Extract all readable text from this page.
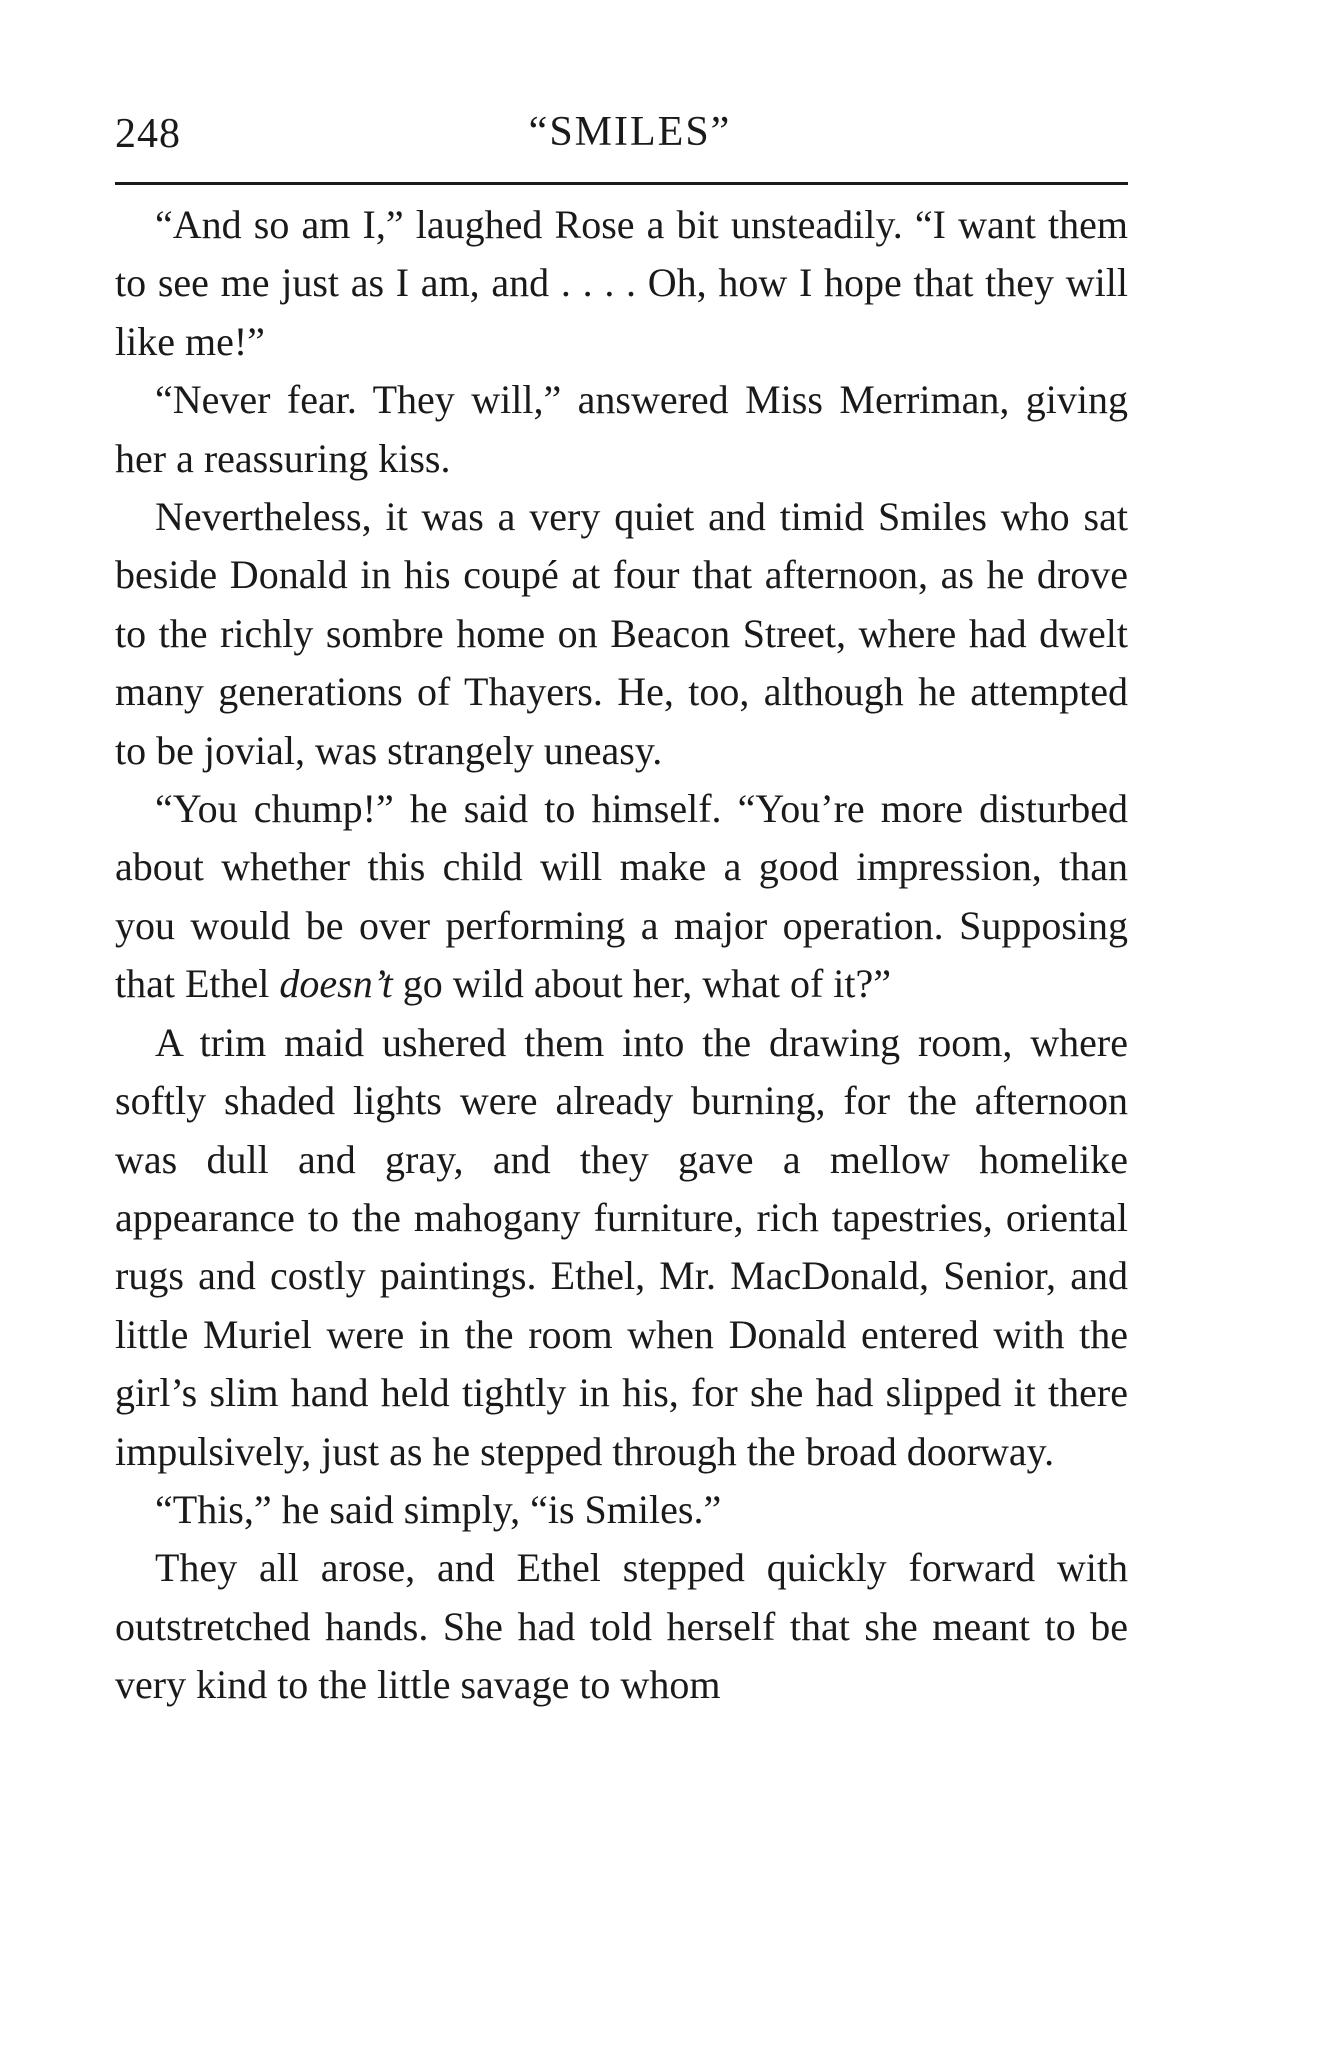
248	“SMILES”

“And so am I,” laughed Rose a bit unsteadily. “I want them to see me just as I am, and . . . . Oh, how I hope that they will like me!”

“Never fear. They will,” answered Miss Merriman, giving her a reassuring kiss.

Nevertheless, it was a very quiet and timid Smiles who sat beside Donald in his coupé at four that afternoon, as he drove to the richly sombre home on Beacon Street, where had dwelt many generations of Thayers. He, too, although he attempted to be jovial, was strangely uneasy.

“You chump!” he said to himself. “You’re more disturbed about whether this child will make a good impression, than you would be over performing a major operation. Supposing that Ethel doesn’t go wild about her, what of it?”

A trim maid ushered them into the drawing room, where softly shaded lights were already burning, for the afternoon was dull and gray, and they gave a mellow homelike appearance to the mahogany furniture, rich tapestries, oriental rugs and costly paintings. Ethel, Mr. MacDonald, Senior, and little Muriel were in the room when Donald entered with the girl’s slim hand held tightly in his, for she had slipped it there impulsively, just as he stepped through the broad doorway.

“This,” he said simply, “is Smiles.”

They all arose, and Ethel stepped quickly forward with outstretched hands. She had told herself that she meant to be very kind to the little savage to whom
